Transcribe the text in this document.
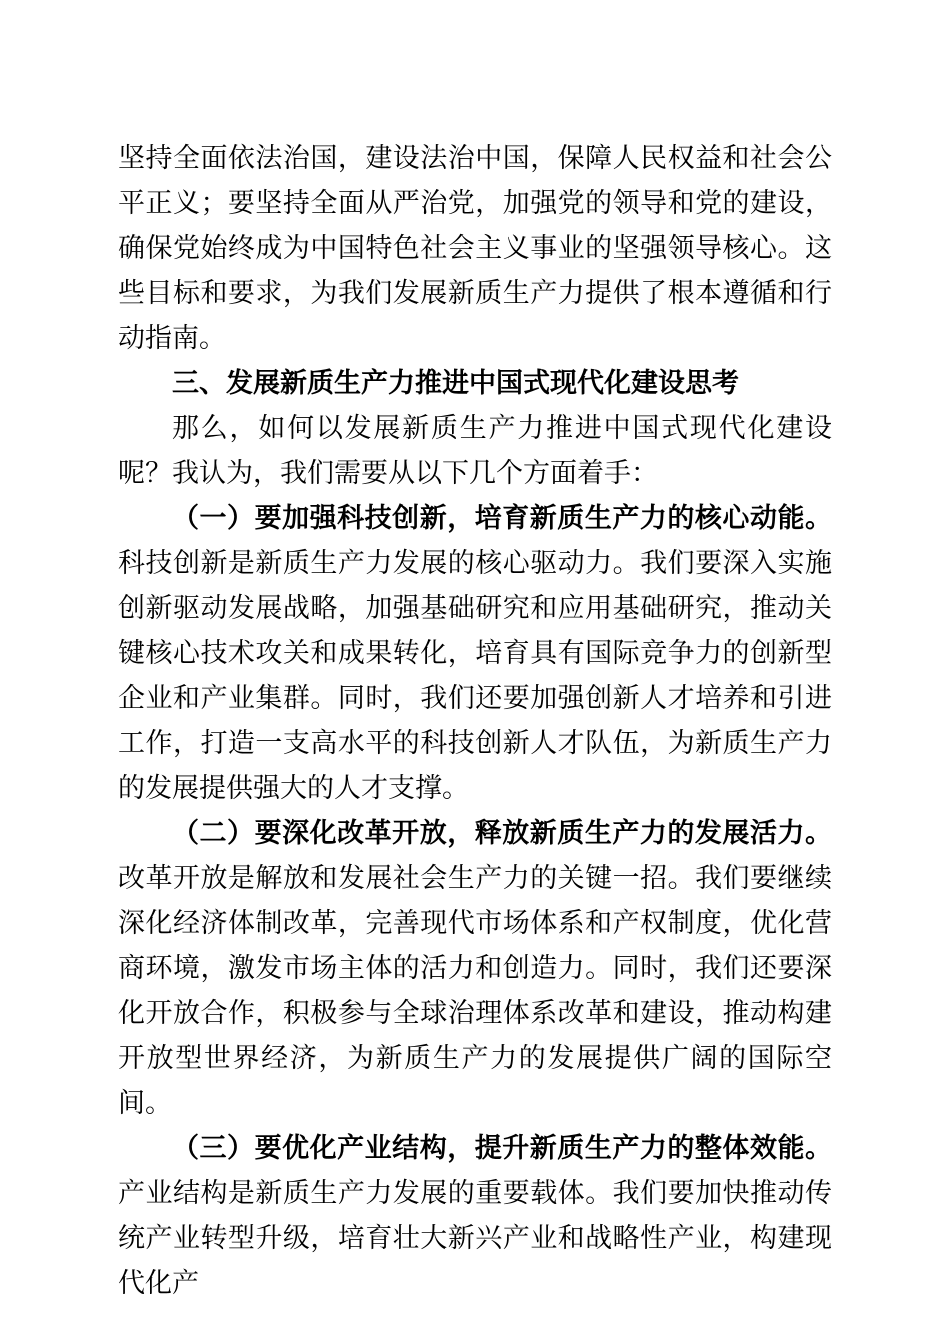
坚持全面依法治国，建设法治中国，保障人民权益和社会公平正义；要坚持全面从严治党，加强党的领导和党的建设，确保党始终成为中国特色社会主义事业的坚强领导核心。这些目标和要求，为我们发展新质生产力提供了根本遵循和行动指南。

三、发展新质生产力推进中国式现代化建设思考

那么，如何以发展新质生产力推进中国式现代化建设呢？我认为，我们需要从以下几个方面着手：

（一）要加强科技创新，培育新质生产力的核心动能。科技创新是新质生产力发展的核心驱动力。我们要深入实施创新驱动发展战略，加强基础研究和应用基础研究，推动关键核心技术攻关和成果转化，培育具有国际竞争力的创新型企业和产业集群。同时，我们还要加强创新人才培养和引进工作，打造一支高水平的科技创新人才队伍，为新质生产力的发展提供强大的人才支撑。

（二）要深化改革开放，释放新质生产力的发展活力。改革开放是解放和发展社会生产力的关键一招。我们要继续深化经济体制改革，完善现代市场体系和产权制度，优化营商环境，激发市场主体的活力和创造力。同时，我们还要深化开放合作，积极参与全球治理体系改革和建设，推动构建开放型世界经济，为新质生产力的发展提供广阔的国际空间。

（三）要优化产业结构，提升新质生产力的整体效能。产业结构是新质生产力发展的重要载体。我们要加快推动传统产业转型升级，培育壮大新兴产业和战略性产业，构建现代化产
